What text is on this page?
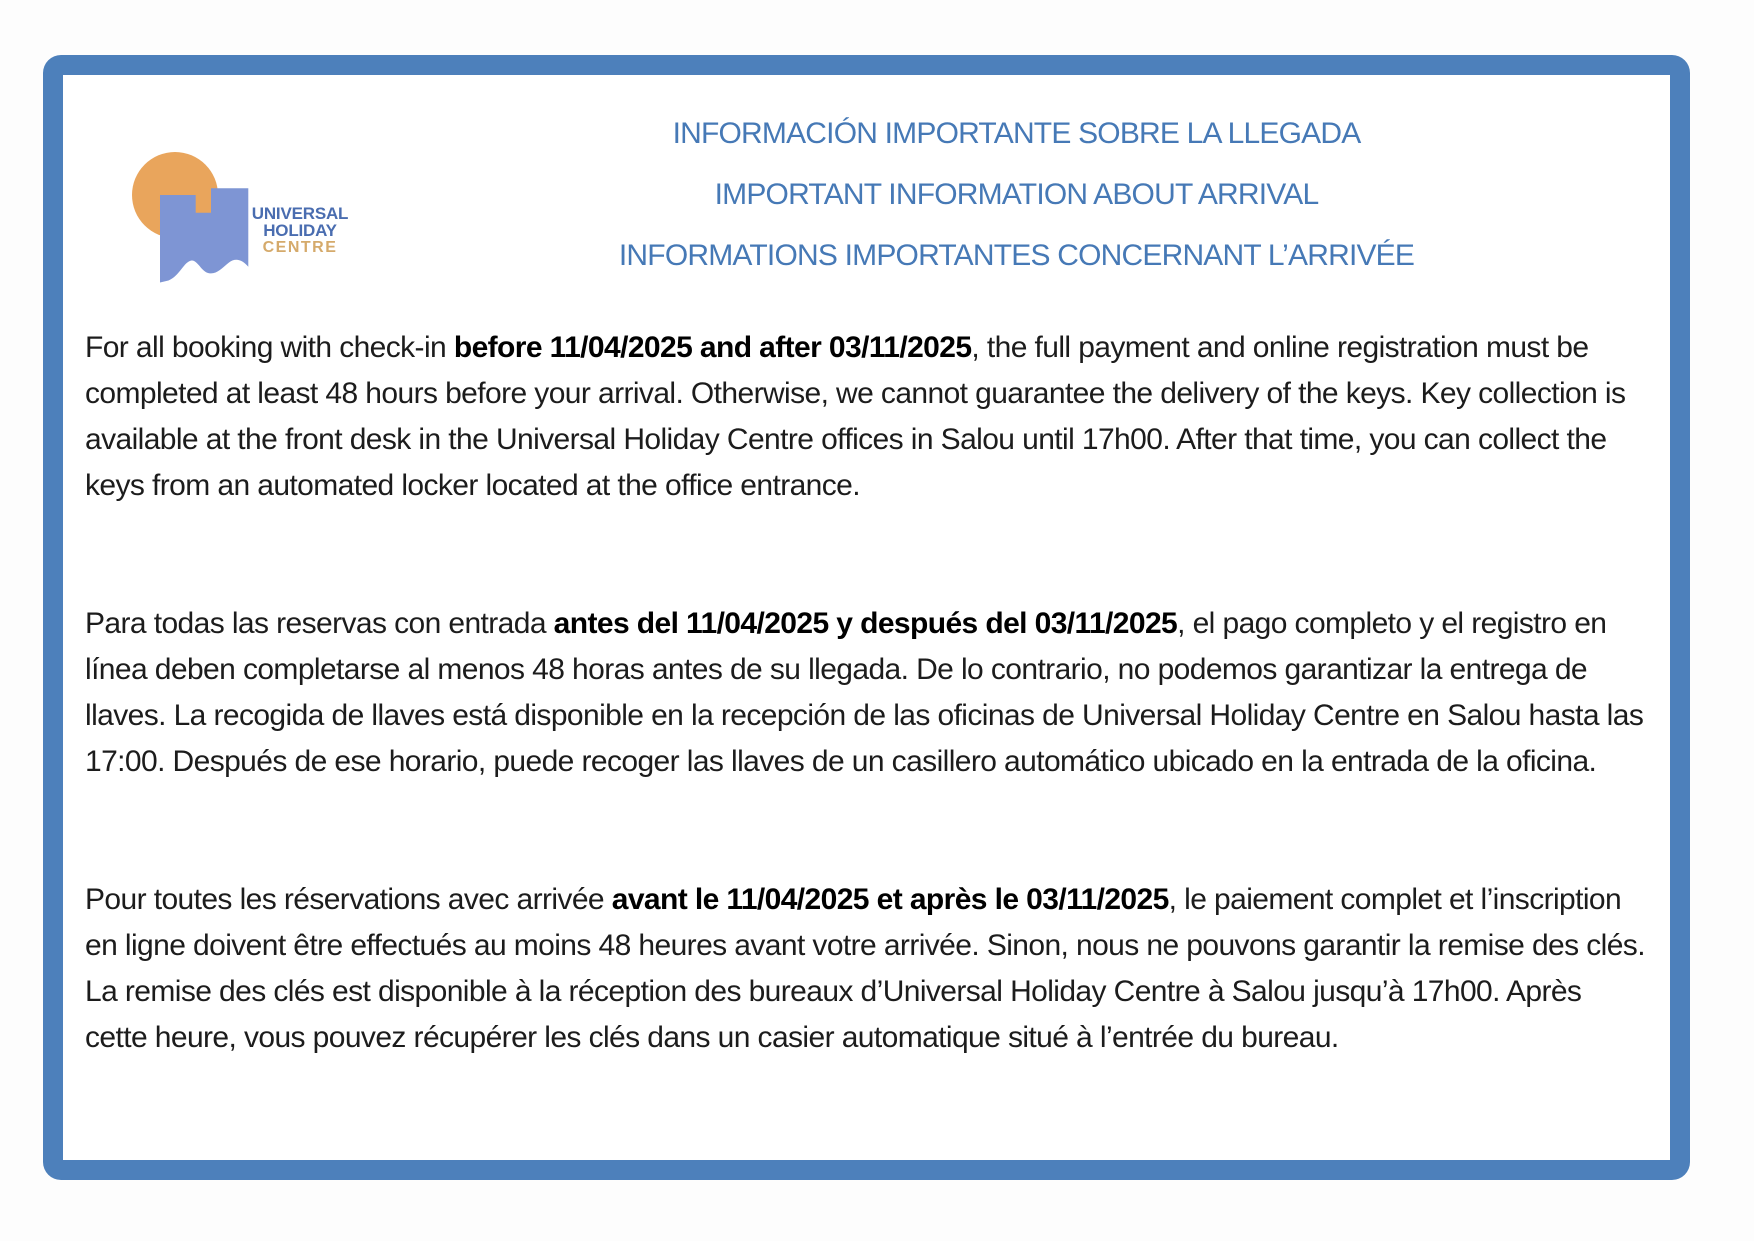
UNIVERSAL
HOLIDAY
CENTRE
INFORMACIÓN IMPORTANTE SOBRE LA LLEGADA
IMPORTANT INFORMATION ABOUT ARRIVAL
INFORMATIONS IMPORTANTES CONCERNANT L’ARRIVÉE

For all booking with check-in before 11/04/2025 and after 03/11/2025, the full payment and online registration must be completed at least 48 hours before your arrival. Otherwise, we cannot guarantee the delivery of the keys. Key collection is available at the front desk in the Universal Holiday Centre offices in Salou until 17h00. After that time, you can collect the keys from an automated locker located at the office entrance.

Para todas las reservas con entrada antes del 11/04/2025 y después del 03/11/2025, el pago completo y el registro en línea deben completarse al menos 48 horas antes de su llegada. De lo contrario, no podemos garantizar la entrega de llaves. La recogida de llaves está disponible en la recepción de las oficinas de Universal Holiday Centre en Salou hasta las 17:00. Después de ese horario, puede recoger las llaves de un casillero automático ubicado en la entrada de la oficina.

Pour toutes les réservations avec arrivée avant le 11/04/2025 et après le 03/11/2025, le paiement complet et l’inscription en ligne doivent être effectués au moins 48 heures avant votre arrivée. Sinon, nous ne pouvons garantir la remise des clés. La remise des clés est disponible à la réception des bureaux d’Universal Holiday Centre à Salou jusqu’à 17h00. Après cette heure, vous pouvez récupérer les clés dans un casier automatique situé à l’entrée du bureau.
